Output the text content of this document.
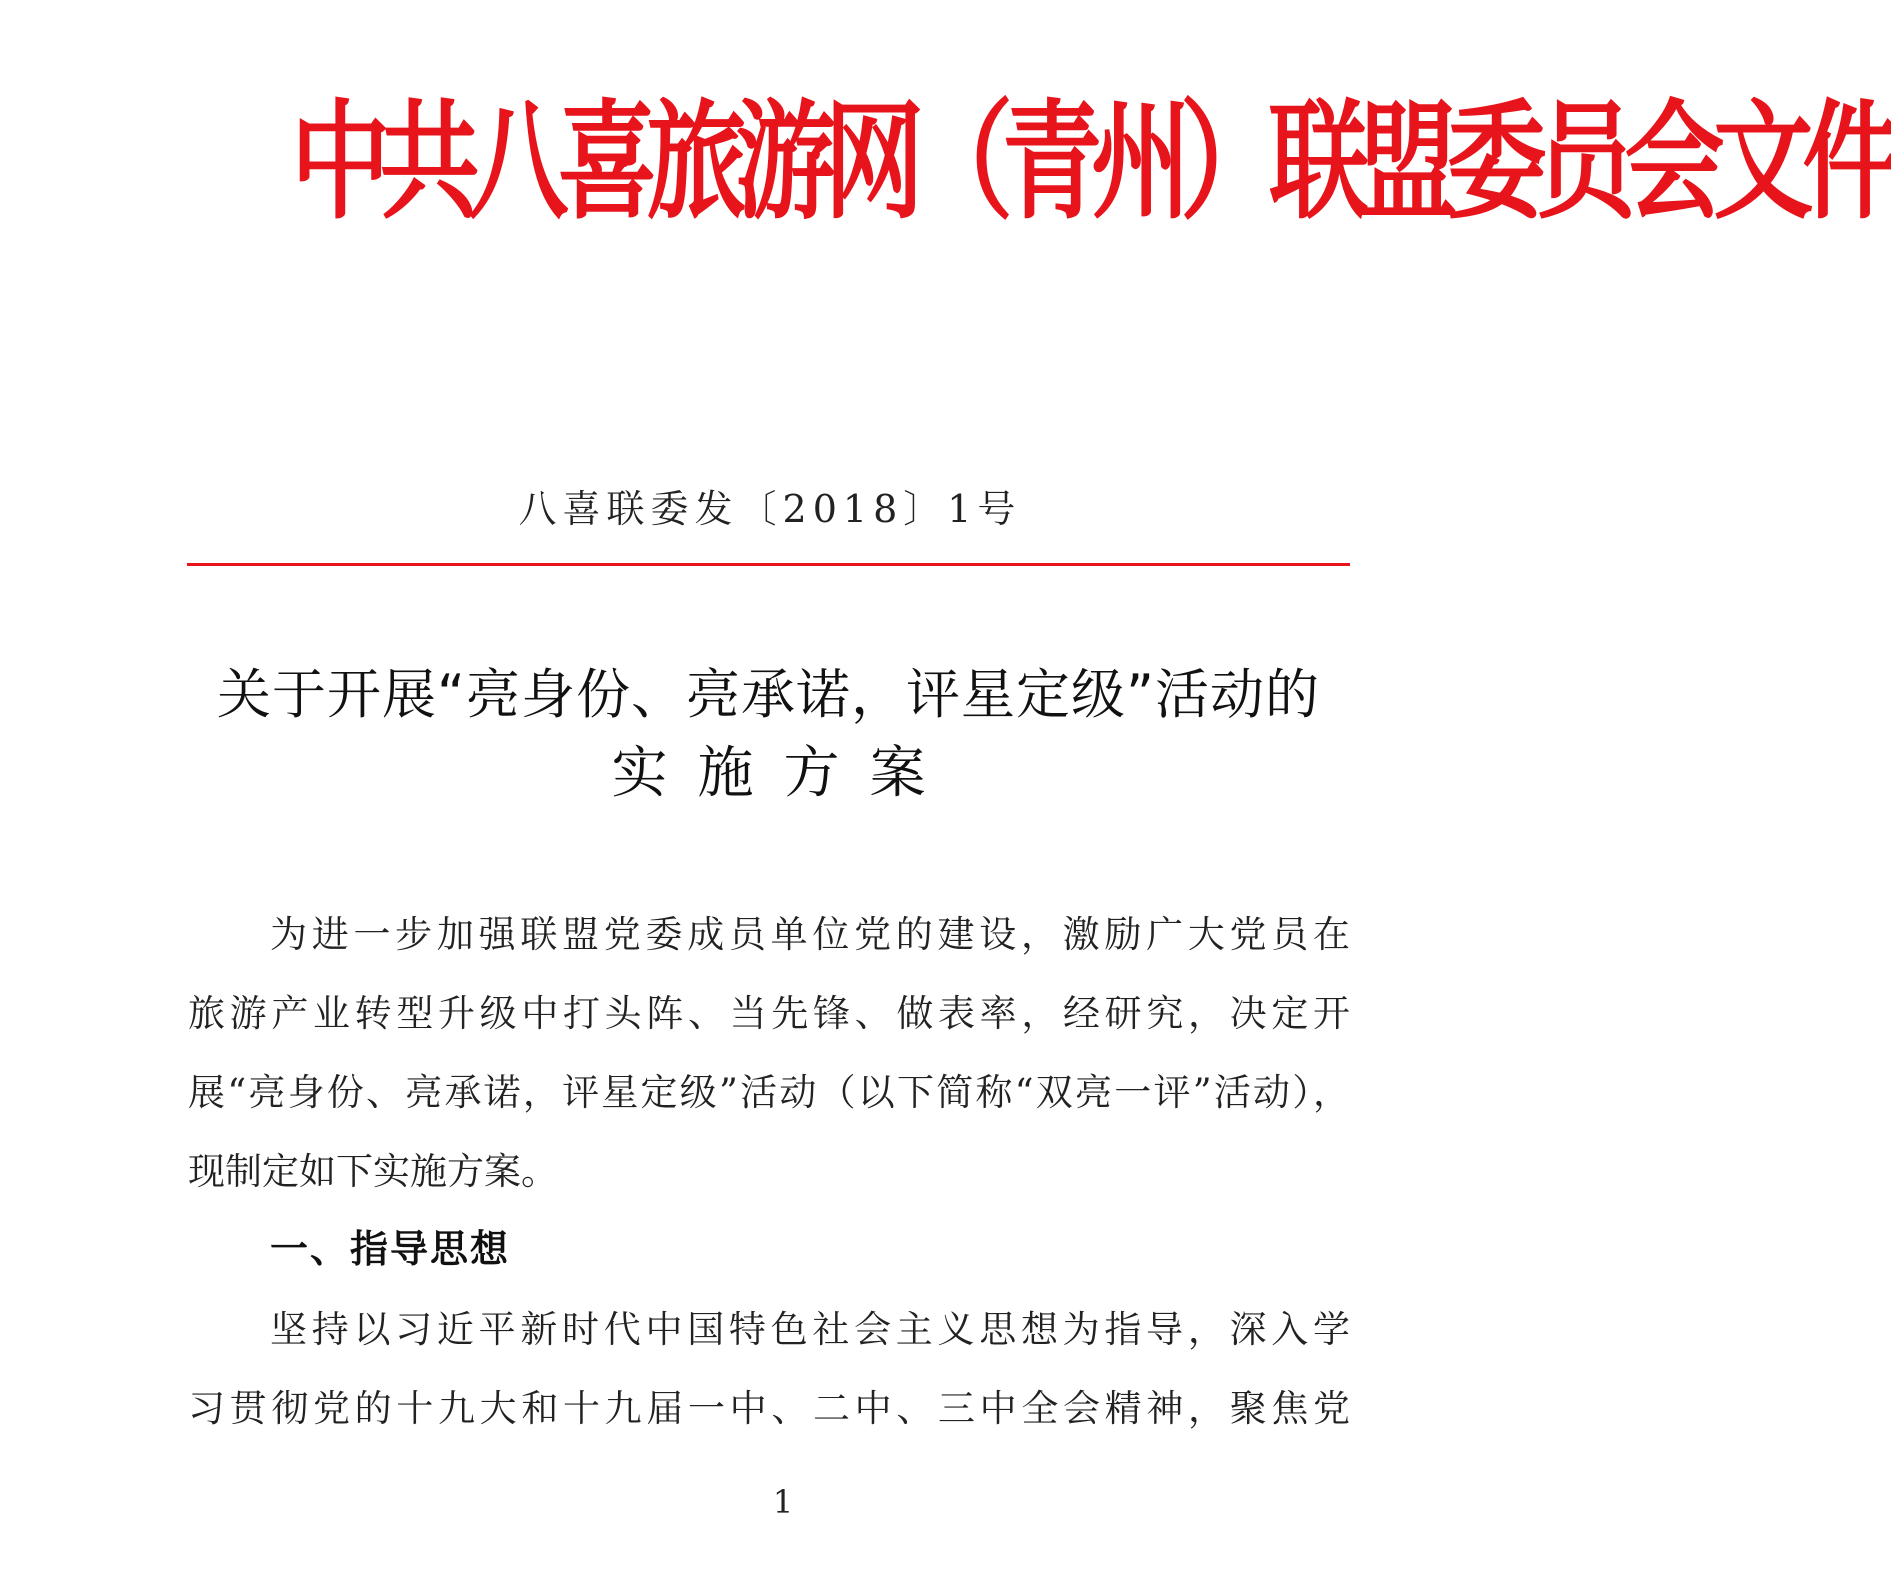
中共八喜旅游网（青州）联盟委员会文件
八喜联委发〔2018〕1号
关于开展“亮身份、亮承诺，评星定级”活动的
实施方案
为进一步加强联盟党委成员单位党的建设，激励广大党员在
旅游产业转型升级中打头阵、当先锋、做表率，经研究，决定开
展“亮身份、亮承诺，评星定级”活动（以下简称“双亮一评”活动），
现制定如下实施方案。
一、指导思想
坚持以习近平新时代中国特色社会主义思想为指导，深入学
习贯彻党的十九大和十九届一中、二中、三中全会精神，聚焦党
1
